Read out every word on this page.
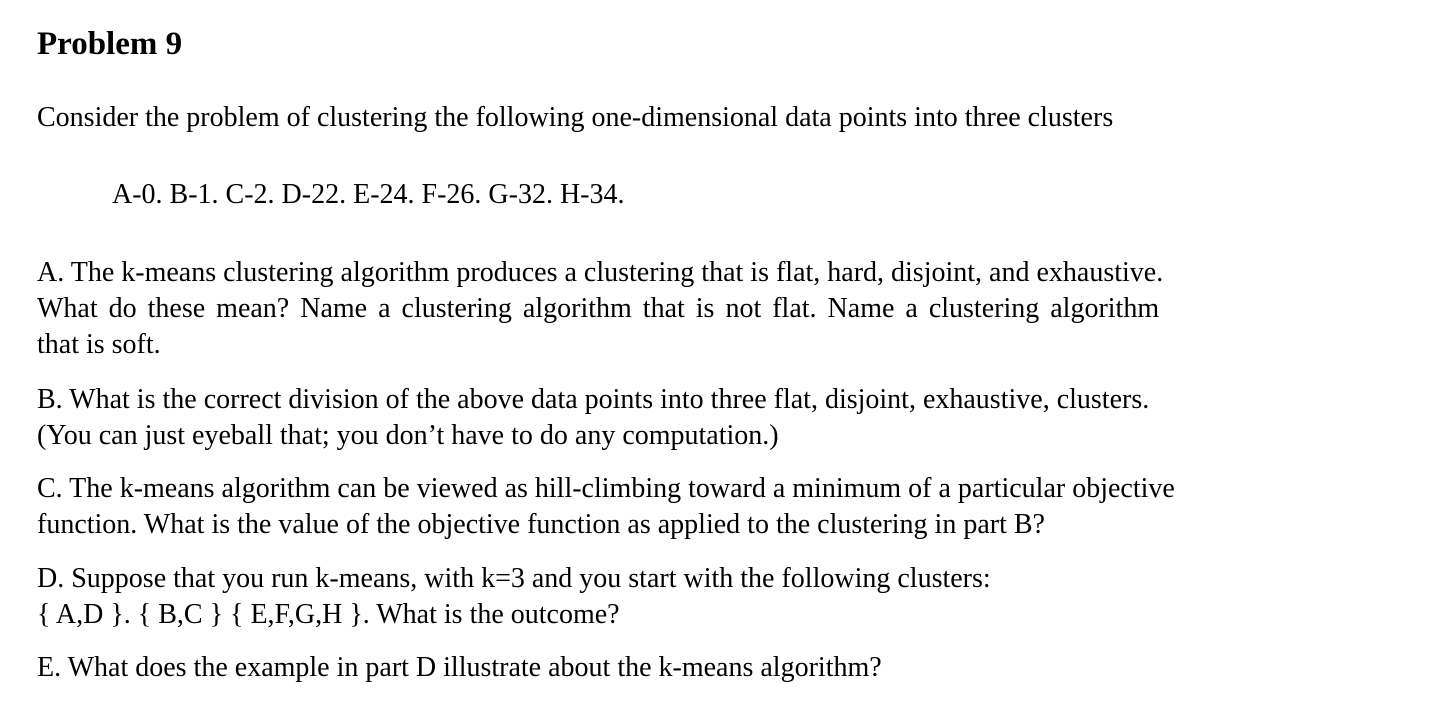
Problem 9

Consider the problem of clustering the following one-dimensional data points into three clusters

A-0. B-1. C-2. D-22. E-24. F-26. G-32. H-34.

A. The k-means clustering algorithm produces a clustering that is flat, hard, disjoint, and exhaustive.
What do these mean? Name a clustering algorithm that is not flat. Name a clustering algorithm
that is soft.
B. What is the correct division of the above data points into three flat, disjoint, exhaustive, clusters.
(You can just eyeball that; you don’t have to do any computation.)
C. The k-means algorithm can be viewed as hill-climbing toward a minimum of a particular objective
function. What is the value of the objective function as applied to the clustering in part B?
D. Suppose that you run k-means, with k=3 and you start with the following clusters:
{ A,D }. { B,C } { E,F,G,H }. What is the outcome?
E. What does the example in part D illustrate about the k-means algorithm?
